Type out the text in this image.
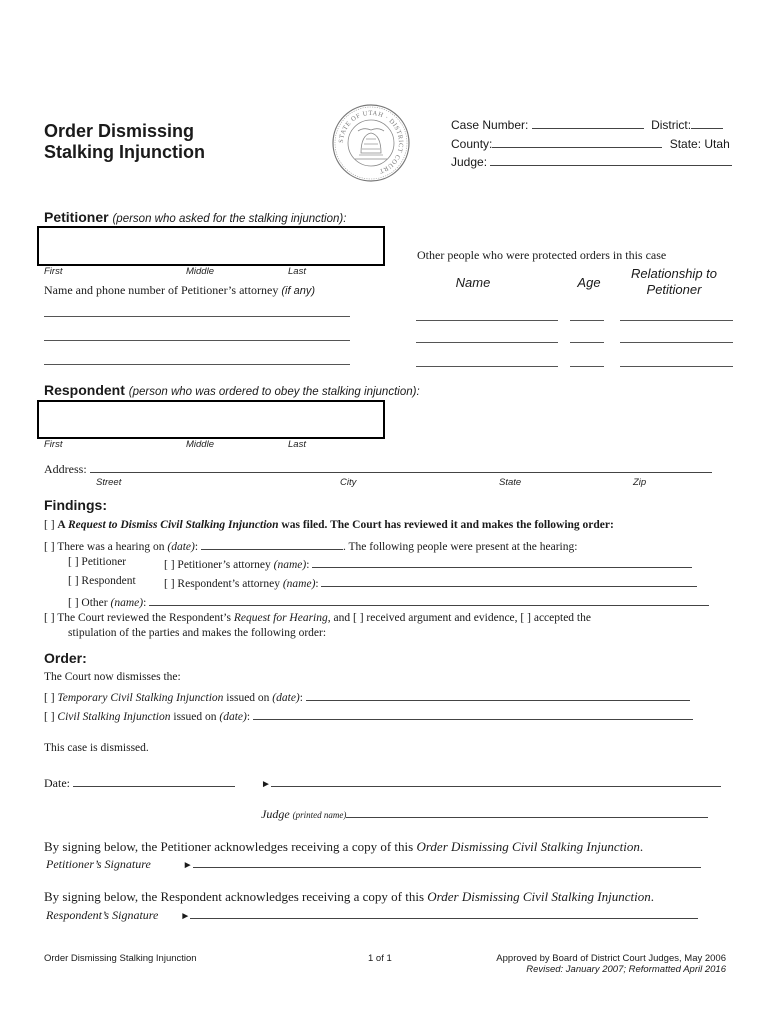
Order Dismissing
Stalking Injunction
STATE OF UTAH · DISTRICT COURT
Case Number:	District:
County:	State: Utah
Judge:
Petitioner (person who asked for the stalking injunction):
First	Middle	Last
Name and phone number of Petitioner’s attorney (if any)
Other people who were protected orders in this case
Name	Age
Relationship to Petitioner
Respondent (person who was ordered to obey the stalking injunction):
First	Middle	Last
Address:
Street	City	State	Zip
Findings:
[ ] A Request to Dismiss Civil Stalking Injunction was filed. The Court has reviewed it and makes the following order:
[ ] There was a hearing on (date):	. The following people were present at the hearing:
[ ] Petitioner	[ ] Petitioner’s attorney (name):
[ ] Respondent [ ] Respondent’s attorney (name):
[ ] Other (name):
[ ] The Court reviewed the Respondent’s Request for Hearing, and [ ] received argument and evidence, [ ] accepted the
stipulation of the parties and makes the following order:
Order:
The Court now dismisses the:
[ ] Temporary Civil Stalking Injunction issued on (date):
[ ] Civil Stalking Injunction issued on (date):
This case is dismissed.
Date:	►
Judge (printed name)
By signing below, the Petitioner acknowledges receiving a copy of this Order Dismissing Civil Stalking Injunction.
Petitioner’s Signature	►
By signing below, the Respondent acknowledges receiving a copy of this Order Dismissing Civil Stalking Injunction.
Respondent’s Signature ►
Order Dismissing Stalking Injunction	1 of 1	Approved by Board of District Court Judges, May 2006
Revised: January 2007; Reformatted April 2016
